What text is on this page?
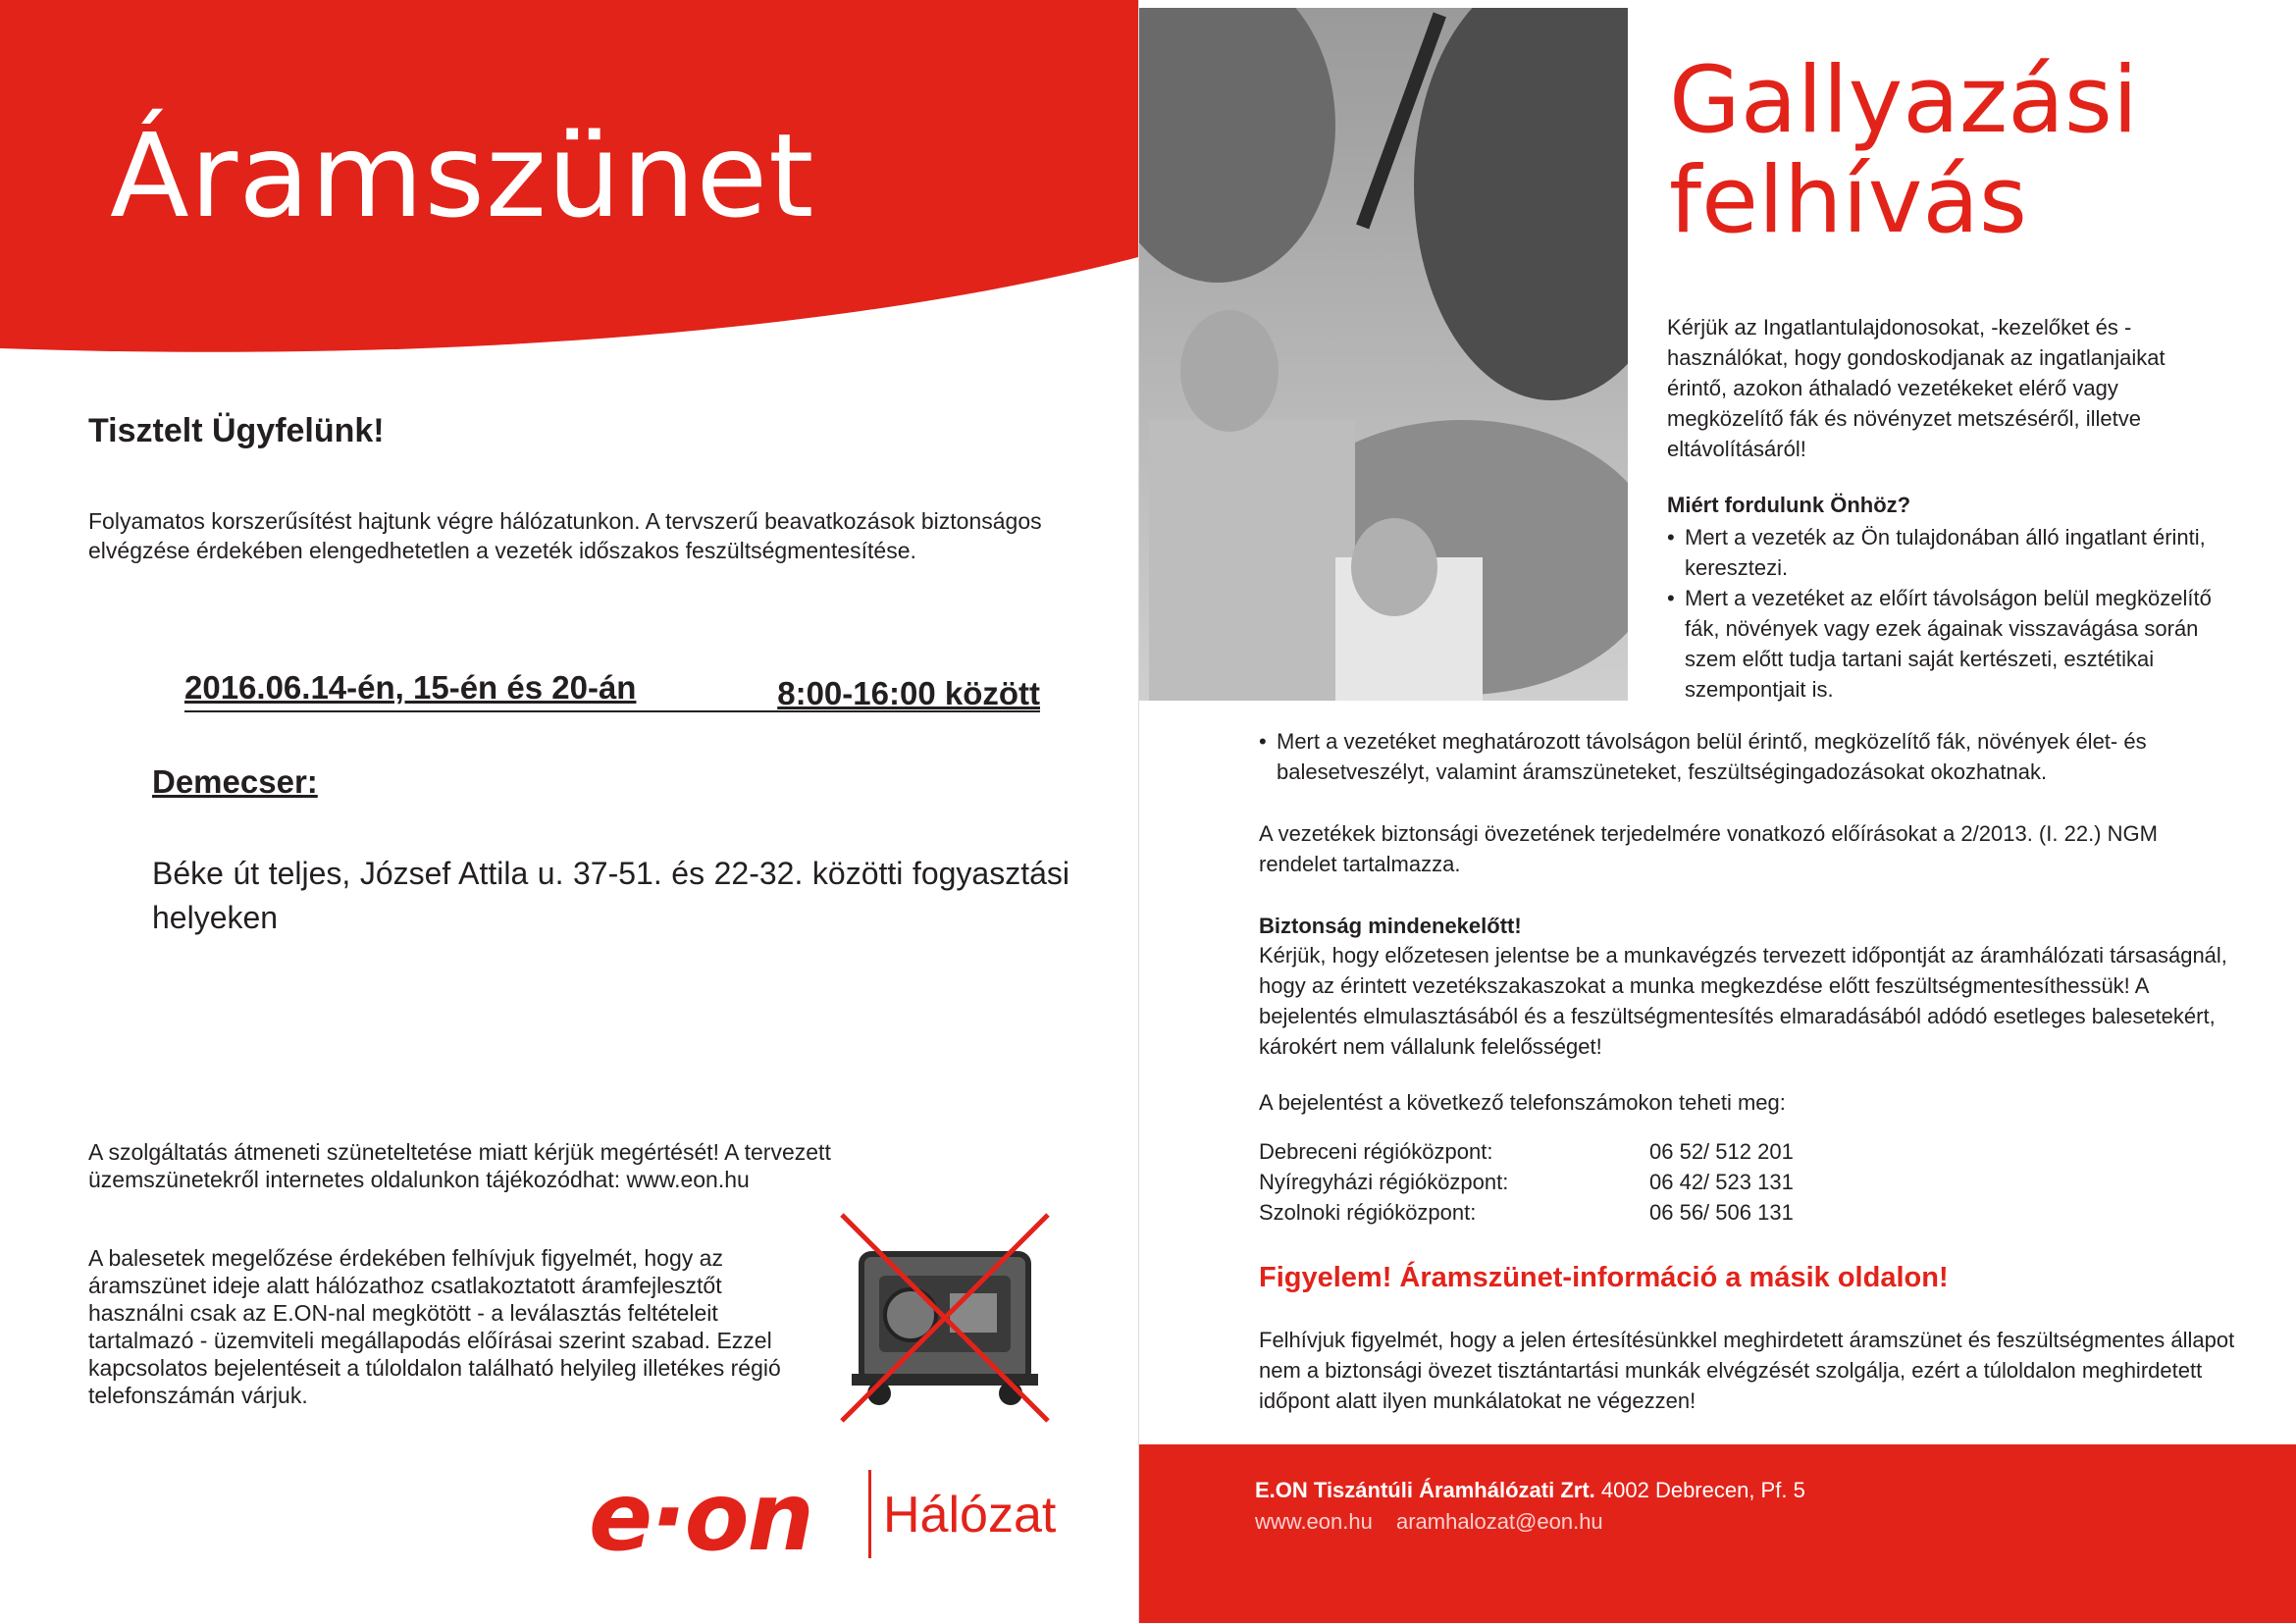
Áramszünet
Tisztelt Ügyfelünk!
Folyamatos korszerűsítést hajtunk végre hálózatunkon. A tervszerű beavatkozások biztonságos elvégzése érdekében elengedhetetlen a vezeték időszakos feszültségmentesítése.
2016.06.14-én, 15-én és 20-án	8:00-16:00 között
Demecser:
Béke út teljes, József Attila u. 37-51. és 22-32. közötti fogyasztási helyeken
A szolgáltatás átmeneti szüneteltetése miatt kérjük megértését! A tervezett üzemszünetekről internetes oldalunkon tájékozódhat: www.eon.hu
A balesetek megelőzése érdekében felhívjuk figyelmét, hogy az áramszünet ideje alatt hálózathoz csatlakoztatott áramfejlesztőt használni csak az E.ON-nal megkötött - a leválasztás feltételeit tartalmazó - üzemviteli megállapodás előírásai szerint szabad. Ezzel kapcsolatos bejelentéseit a túloldalon található helyileg illetékes régió telefonszámán várjuk.
e·on Hálózat
Gallyazási
felhívás
Kérjük az Ingatlantulajdonosokat, -kezelőket és -használókat, hogy gondoskodjanak az ingatlanjaikat érintő, azokon áthaladó vezetékeket elérő vagy megközelítő fák és növényzet metszéséről, illetve eltávolításáról!
Miért fordulunk Önhöz?
• Mert a vezeték az Ön tulajdonában álló ingatlant érinti, keresztezi.
• Mert a vezetéket az előírt távolságon belül megközelítő fák, növények vagy ezek ágainak visszavágása során szem előtt tudja tartani saját kertészeti, esztétikai szempontjait is.
• Mert a vezetéket meghatározott távolságon belül érintő, megközelítő fák, növények élet- és balesetveszélyt, valamint áramszüneteket, feszültségingadozásokat okozhatnak.
A vezetékek biztonsági övezetének terjedelmére vonatkozó előírásokat a 2/2013. (I. 22.) NGM rendelet tartalmazza.
Biztonság mindenekelőtt!
Kérjük, hogy előzetesen jelentse be a munkavégzés tervezett időpontját az áramhálózati társaságnál, hogy az érintett vezetékszakaszokat a munka megkezdése előtt feszültségmentesíthessük! A bejelentés elmulasztásából és a feszültségmentesítés elmaradásából adódó esetleges balesetekért, károkért nem vállalunk felelősséget!
A bejelentést a következő telefonszámokon teheti meg:
Debreceni régióközpont:	06 52/ 512 201
Nyíregyházi régióközpont:	06 42/ 523 131
Szolnoki régióközpont:	06 56/ 506 131
Figyelem! Áramszünet-információ a másik oldalon!
Felhívjuk figyelmét, hogy a jelen értesítésünkkel meghirdetett áramszünet és feszültségmentes állapot nem a biztonsági övezet tisztántartási munkák elvégzését szolgálja, ezért a túloldalon meghirdetett időpont alatt ilyen munkálatokat ne végezzen!
E.ON Tiszántúli Áramhálózati Zrt. 4002 Debrecen, Pf. 5
www.eon.hu aramhalozat@eon.hu
